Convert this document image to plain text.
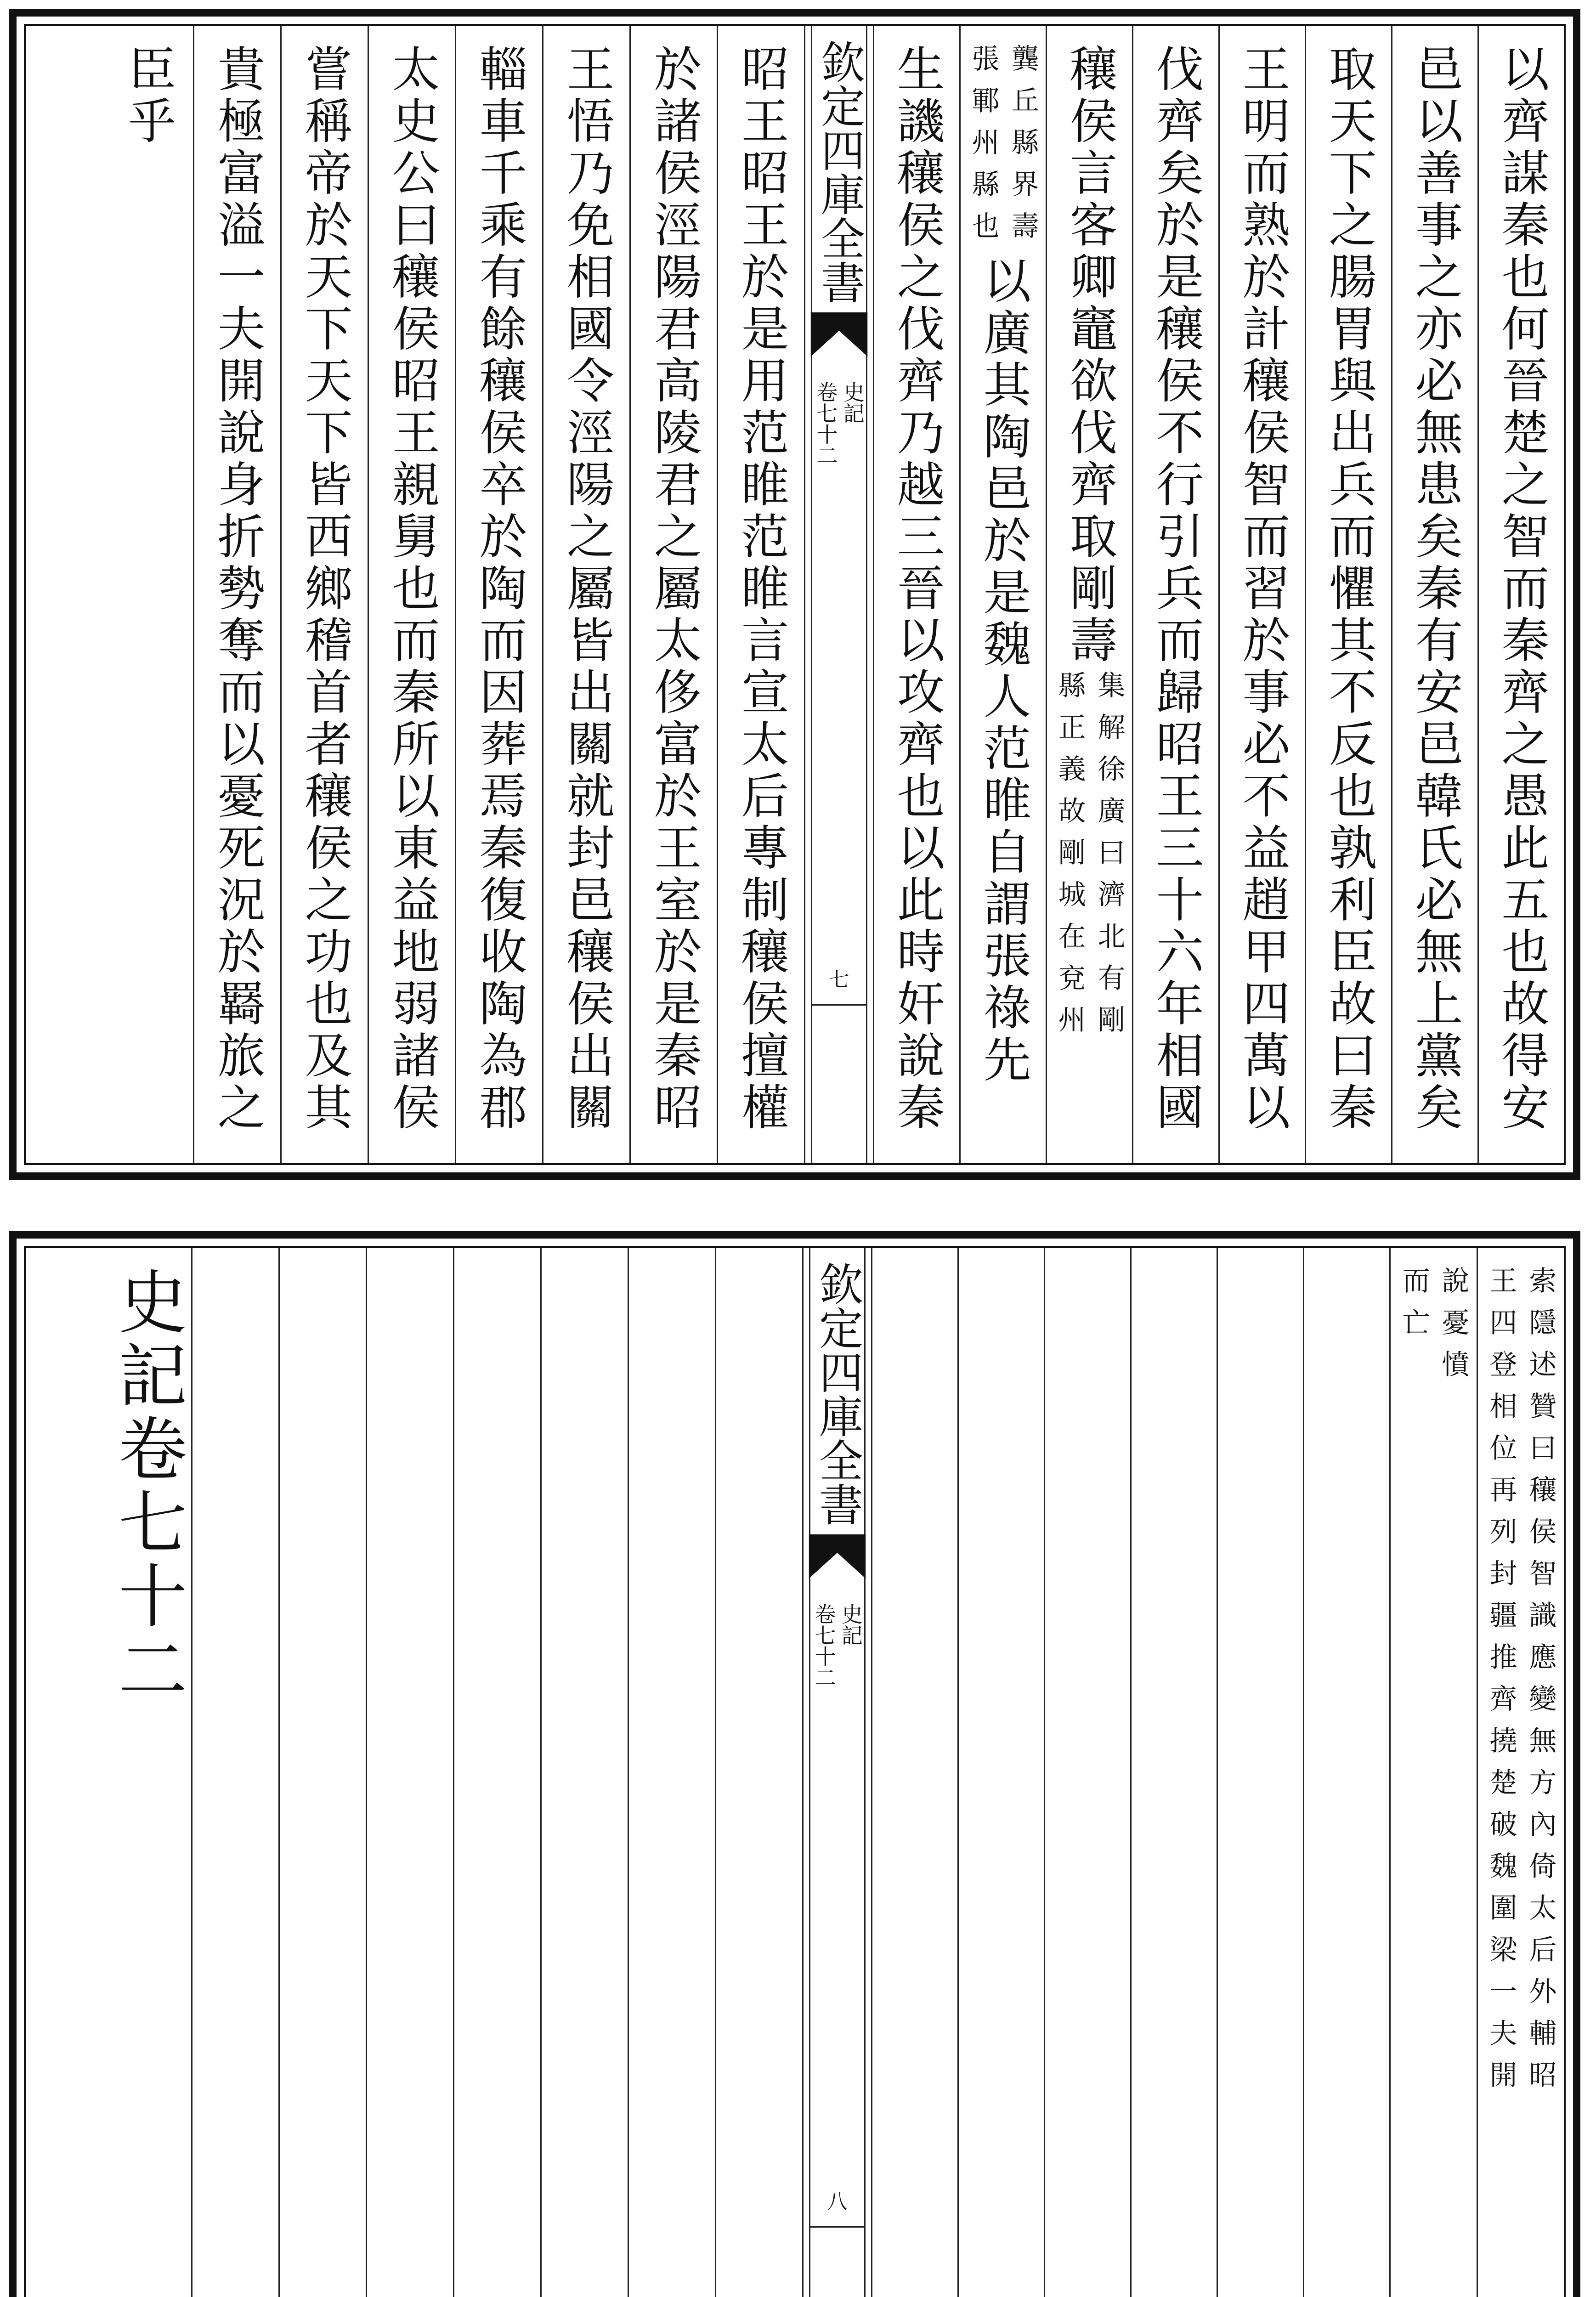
以齊謀秦也何晉楚之智而秦齊之愚此五也故得安
邑以善事之亦必無患矣秦有安邑韓氏必無上黨矣
取天下之腸胃與出兵而懼其不反也孰利臣故曰秦
王明而熟於計穰侯智而習於事必不益趙甲四萬以
伐齊矣於是穰侯不行引兵而歸昭王三十六年相國
穰侯言客卿竈欲伐齊取剛壽
集解徐廣曰濟北有剛
縣正義故剛城在兗州
龔丘縣界壽
張鄆州縣也
以廣其陶邑於是魏人范睢自謂張祿先
生譏穰侯之伐齊乃越三晉以攻齊也以此時奸說秦
欽定四庫全書
史記
卷七十二
七
昭王昭王於是用范睢范睢言宣太后專制穰侯擅權
於諸侯涇陽君高陵君之屬太侈富於王室於是秦昭
王悟乃免相國令涇陽之屬皆出關就封邑穰侯出關
輜車千乘有餘穰侯卒於陶而因葬焉秦復收陶為郡
太史公曰穰侯昭王親舅也而秦所以東益地弱諸侯
嘗稱帝於天下天下皆西鄉稽首者穰侯之功也及其
貴極富溢一夫開說身折勢奪而以憂死況於羇旅之
臣乎
索隱述贊曰穰侯智識應變無方內倚太后外輔昭
王四登相位再列封疆推齊撓楚破魏圍梁一夫開
說憂憤
而亡
欽定四庫全書
史記
卷七十二
八
史記卷七十二
